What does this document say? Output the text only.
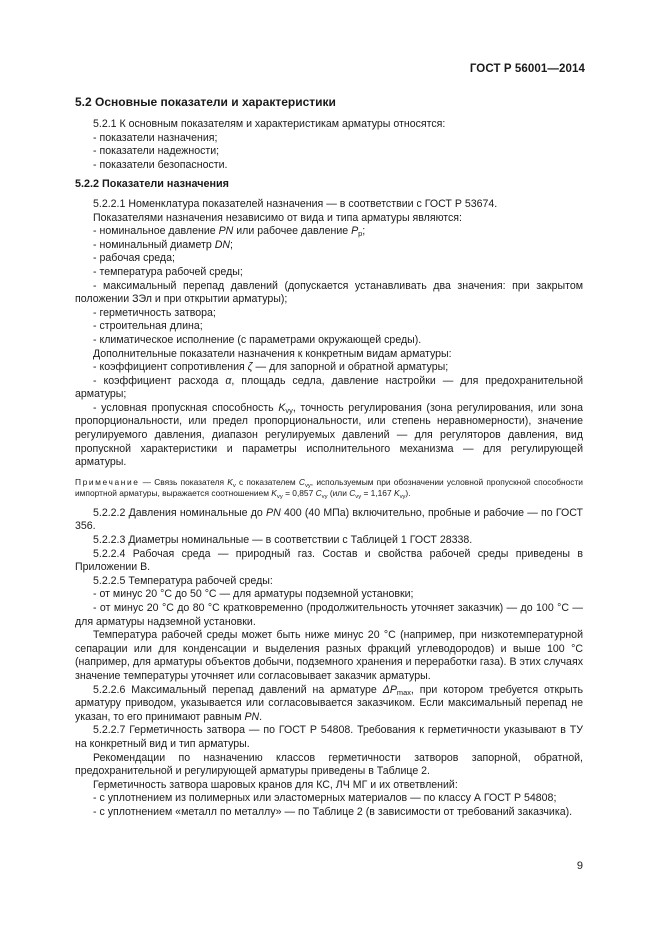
ГОСТ Р 56001—2014
5.2 Основные показатели и характеристики

5.2.1 К основным показателям и характеристикам арматуры относятся:

- показатели назначения;

- показатели надежности;

- показатели безопасности.

5.2.2 Показатели назначения

5.2.2.1 Номенклатура показателей назначения — в соответствии с ГОСТ Р 53674.

Показателями назначения независимо от вида и типа арматуры являются:

- номинальное давление PN или рабочее давление $P_р$;

- номинальный диаметр DN;

- рабочая среда;

- температура рабочей среды;

- максимальный перепад давлений (допускается устанавливать два значения: при закрытом положении ЗЭл и при открытии арматуры);

- герметичность затвора;

- строительная длина;

- климатическое исполнение (с параметрами окружающей среды).

Дополнительные показатели назначения к конкретным видам арматуры:

- коэффициент сопротивления ζ — для запорной и обратной арматуры;

- коэффициент расхода α, площадь седла, давление настройки — для предохранительной арматуры;

- условная пропускная способность $K_{vy}$, точность регулирования (зона регулирования, или зона пропорциональности, или предел пропорциональности, или степень неравномерности), значение регулируемого давления, диапазон регулируемых давлений — для регуляторов давления, вид пропускной характеристики и параметры исполнительного механизма — для регулирующей арматуры.

Примечание — Связь показателя $K_v$ с показателем $C_{vy}$, используемым при обозначении условной пропускной способности импортной арматуры, выражается соотношением $K_{vy} = 0,857$ $C_{vy}$ (или $C_{vy} = 1,167$ $K_{vy}$).

5.2.2.2 Давления номинальные до PN 400 (40 МПа) включительно, пробные и рабочие — по ГОСТ 356.

5.2.2.3 Диаметры номинальные — в соответствии с Таблицей 1 ГОСТ 28338.

5.2.2.4 Рабочая среда — природный газ. Состав и свойства рабочей среды приведены в Приложении В.

5.2.2.5 Температура рабочей среды:

- от минус 20 °С до 50 °С — для арматуры подземной установки;

- от минус 20 °С до 80 °С кратковременно (продолжительность уточняет заказчик) — до 100 °С — для арматуры надземной установки.

Температура рабочей среды может быть ниже минус 20 °С (например, при низкотемпературной сепарации или для конденсации и выделения разных фракций углеводородов) и выше 100 °С (например, для арматуры объектов добычи, подземного хранения и переработки газа). В этих случаях значение температуры уточняет или согласовывает заказчик арматуры.

5.2.2.6 Максимальный перепад давлений на арматуре $\Delta P_{max}$, при котором требуется открыть арматуру приводом, указывается или согласовывается заказчиком. Если максимальный перепад не указан, то его принимают равным PN.

5.2.2.7 Герметичность затвора — по ГОСТ Р 54808. Требования к герметичности указывают в ТУ на конкретный вид и тип арматуры.

Рекомендации по назначению классов герметичности затворов запорной, обратной, предохранительной и регулирующей арматуры приведены в Таблице 2.

Герметичность затвора шаровых кранов для КС, ЛЧ МГ и их ответвлений:

- с уплотнением из полимерных или эластомерных материалов — по классу А ГОСТ Р 54808;

- с уплотнением «металл по металлу» — по Таблице 2 (в зависимости от требований заказчика).

9
